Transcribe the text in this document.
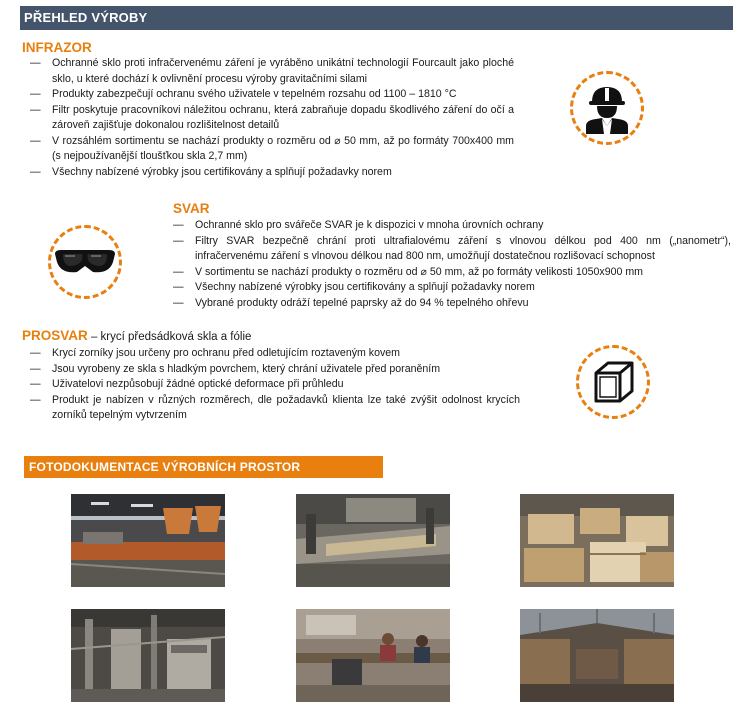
PŘEHLED VÝROBY
INFRAZOR
— Ochranné sklo proti infračervenému záření je vyráběno unikátní technologií Fourcault jako ploché sklo, u které dochází k ovlivnění procesu výroby gravitačními silami
— Produkty zabezpečují ochranu svého uživatele v tepelném rozsahu od 1100 – 1810 °C
— Filtr poskytuje pracovníkovi náležitou ochranu, která zabraňuje dopadu škodlivého záření do očí a zároveň zajišťuje dokonalou rozlišitelnost detailů
— V rozsáhlém sortimentu se nachází produkty o rozměru od ⌀ 50 mm, až po formáty 700x400 mm (s nejpoužívanější tloušťkou skla 2,7 mm)
— Všechny nabízené výrobky jsou certifikovány a splňují požadavky norem
SVAR
— Ochranné sklo pro svářeče SVAR je k dispozici v mnoha úrovních ochrany
— Filtry SVAR bezpečně chrání proti ultrafialovému záření s vlnovou délkou pod 400 nm („nanometr“), infračervenému záření s vlnovou délkou nad 800 nm, umožňují dostatečnou rozlišovací schopnost
— V sortimentu se nachází produkty o rozměru od ⌀ 50 mm, až po formáty velikosti 1050x900 mm
— Všechny nabízené výrobky jsou certifikovány a splňují požadavky norem
— Vybrané produkty odráží tepelné paprsky až do 94 % tepelného ohřevu
PROSVAR – krycí předsádková skla a fólie
— Krycí zorníky jsou určeny pro ochranu před odletujícím roztaveným kovem
— Jsou vyrobeny ze skla s hladkým povrchem, který chrání uživatele před poraněním
— Uživatelovi nezpůsobují žádné optické deformace při průhledu
— Produkt je nabízen v různých rozměrech, dle požadavků klienta lze také zvýšit odolnost krycích zorníků tepelným vytvrzením
FOTODOKUMENTACE VÝROBNÍCH PROSTOR
